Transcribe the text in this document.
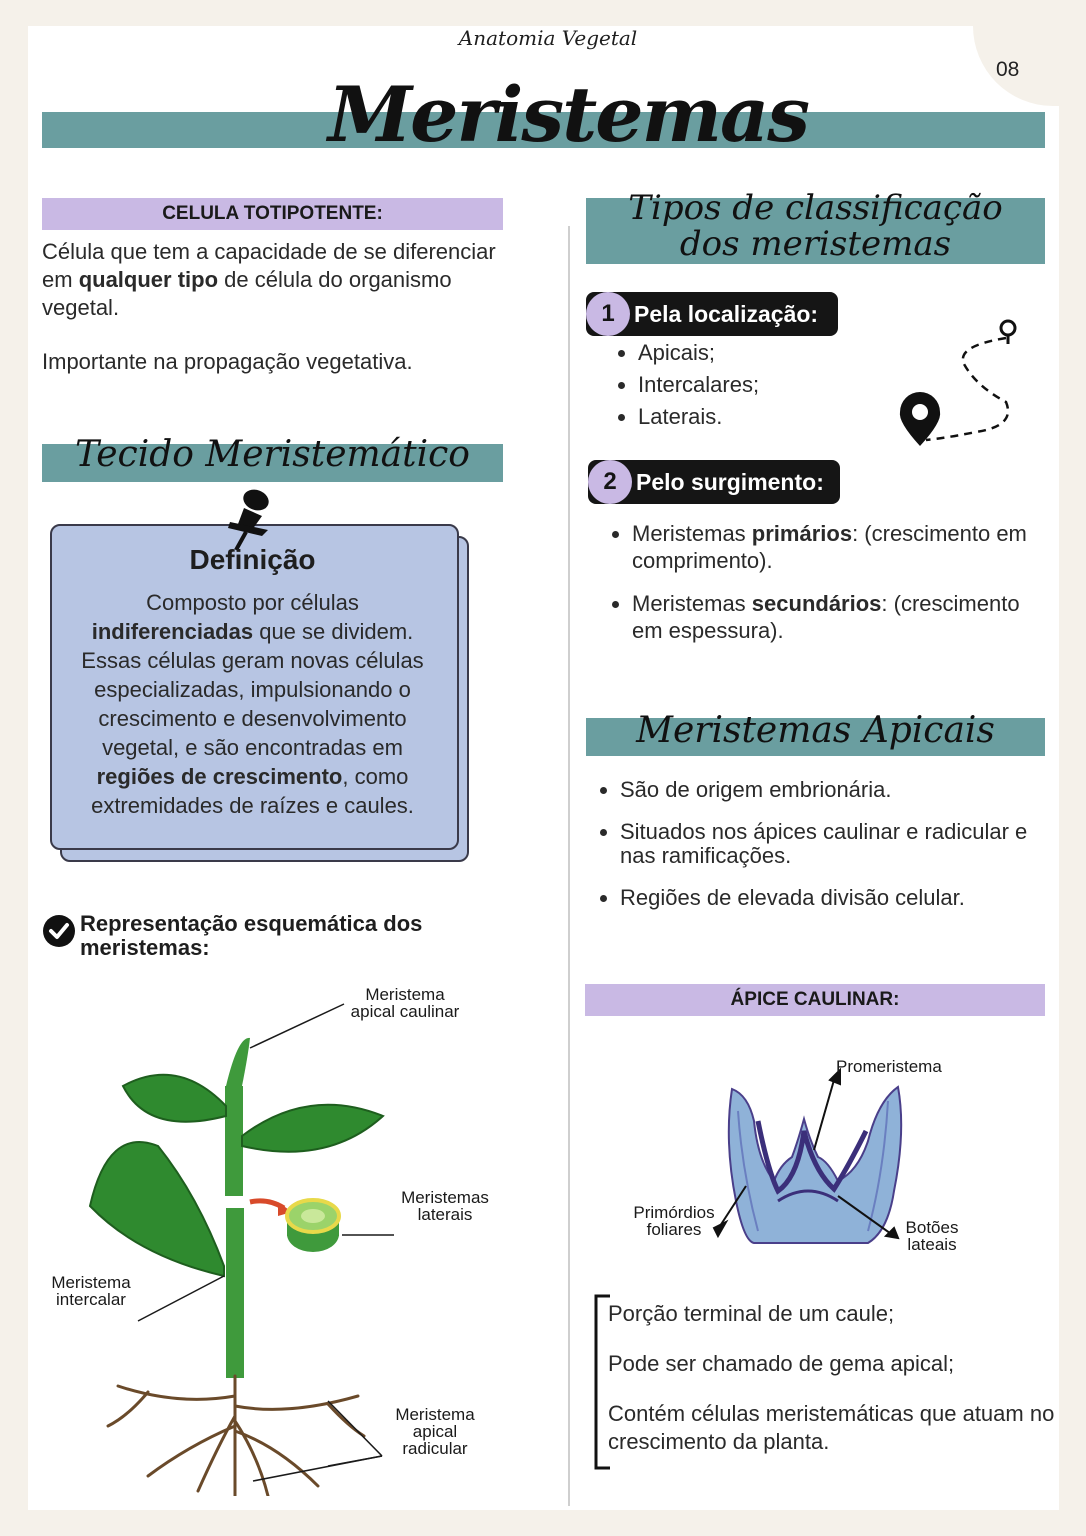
Anatomia Vegetal
08
Meristemas
CELULA TOTIPOTENTE:
Célula que tem a capacidade de se diferenciar em qualquer tipo de célula do organismo vegetal.
Importante na propagação vegetativa.
Tecido Meristemático
Definição
Composto por células indiferenciadas que se dividem. Essas células geram novas células especializadas, impulsionando o crescimento e desenvolvimento vegetal, e são encontradas em regiões de crescimento, como extremidades de raízes e caules.
Representação esquemática dos meristemas:
Meristema
apical caulinar
Meristemas
laterais
Meristema
intercalar
Meristema
apical
radicular
Tipos de classificação
dos meristemas
1 Pela localização:
• Apicais;
• Intercalares;
• Laterais.
2 Pelo surgimento:
• Meristemas primários: (crescimento em comprimento).
• Meristemas secundários: (crescimento em espessura).
Meristemas Apicais
• São de origem embrionária.
• Situados nos ápices caulinar e radicular e nas ramificações.
• Regiões de elevada divisão celular.
ÁPICE CAULINAR:
Promeristema
Primórdios
foliares	Botões
lateais
Porção terminal de um caule;
Pode ser chamado de gema apical;
Contém células meristemáticas que atuam no crescimento da planta.
